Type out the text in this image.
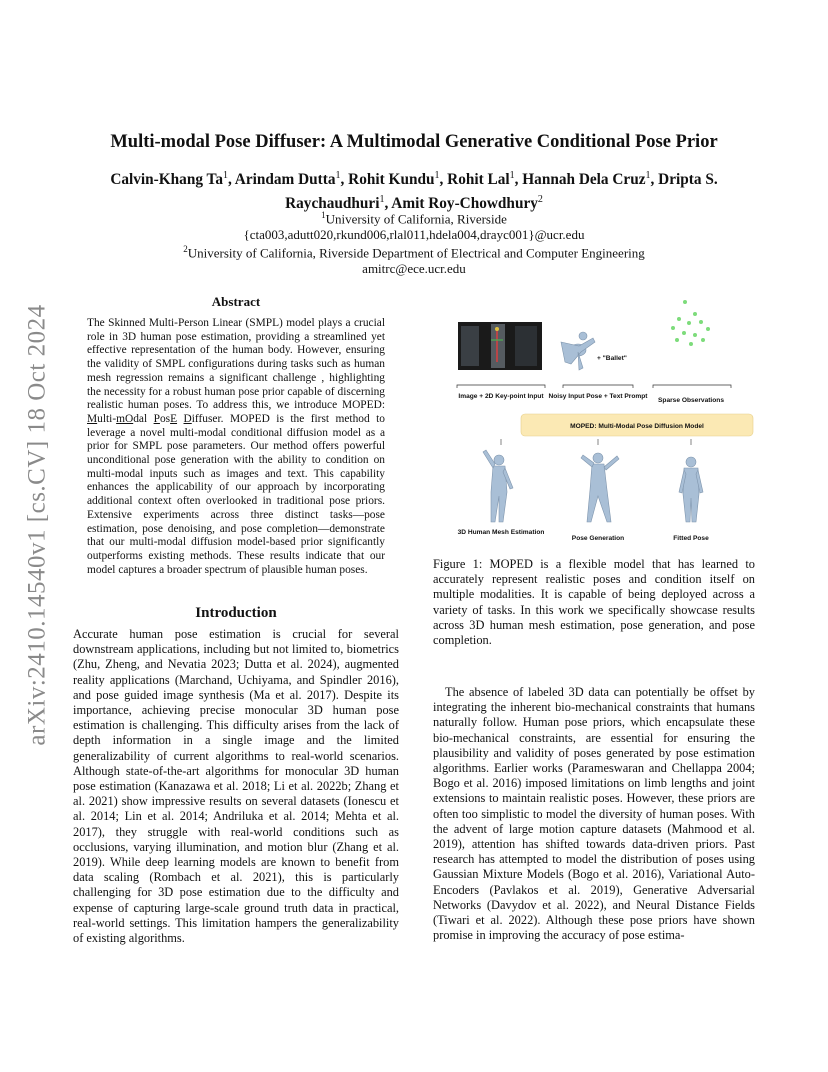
arXiv:2410.14540v1 [cs.CV] 18 Oct 2024
Multi-modal Pose Diffuser: A Multimodal Generative Conditional Pose Prior
Calvin-Khang Ta$^1$, Arindam Dutta$^1$, Rohit Kundu$^1$, Rohit Lal$^1$, Hannah Dela Cruz$^1$, Dripta S. Raychaudhuri$^1$, Amit Roy-Chowdhury$^2$
$^1$University of California, Riverside
{cta003,adutt020,rkund006,rlal011,hdela004,drayc001}@ucr.edu
$^2$University of California, Riverside Department of Electrical and Computer Engineering
amitrc@ece.ucr.edu
Abstract

The Skinned Multi-Person Linear (SMPL) model plays a crucial role in 3D human pose estimation, providing a streamlined yet effective representation of the human body. However, ensuring the validity of SMPL configurations during tasks such as human mesh regression remains a significant challenge , highlighting the necessity for a robust human pose prior capable of discerning realistic human poses. To address this, we introduce MOPED: Multi-mOdal PosE Diffuser. MOPED is the first method to leverage a novel multi-modal conditional diffusion model as a prior for SMPL pose parameters. Our method offers powerful unconditional pose generation with the ability to condition on multi-modal inputs such as images and text. This capability enhances the applicability of our approach by incorporating additional context often overlooked in traditional pose priors. Extensive experiments across three distinct tasks—pose estimation, pose denoising, and pose completion—demonstrate that our multi-modal diffusion model-based prior significantly outperforms existing methods. These results indicate that our model captures a broader spectrum of plausible human poses.

Introduction

Accurate human pose estimation is crucial for several downstream applications, including but not limited to, biometrics (Zhu, Zheng, and Nevatia 2023; Dutta et al. 2024), augmented reality applications (Marchand, Uchiyama, and Spindler 2016), and pose guided image synthesis (Ma et al. 2017). Despite its importance, achieving precise monocular 3D human pose estimation is challenging. This difficulty arises from the lack of depth information in a single image and the limited generalizability of current algorithms to real-world scenarios. Although state-of-the-art algorithms for monocular 3D human pose estimation (Kanazawa et al. 2018; Li et al. 2022b; Zhang et al. 2021) show impressive results on several datasets (Ionescu et al. 2014; Lin et al. 2014; Andriluka et al. 2014; Mehta et al. 2017), they struggle with real-world conditions such as occlusions, varying illumination, and motion blur (Zhang et al. 2019). While deep learning models are known to benefit from data scaling (Rombach et al. 2021), this is particularly challenging for 3D pose estimation due to the difficulty and expense of capturing large-scale ground truth data in practical, real-world settings. This limitation hampers the generalizability of existing algorithms.

+ "Ballet"
Image + 2D Key-point Input Noisy Input Pose + Text Prompt
Sparse Observations
MOPED: Multi-Modal Pose Diffusion Model
3D Human Mesh Estimation
Pose Generation	Fitted Pose

Figure 1: MOPED is a flexible model that has learned to accurately represent realistic poses and condition itself on multiple modalities. It is capable of being deployed across a variety of tasks. In this work we specifically showcase results across 3D human mesh estimation, pose generation, and pose completion.

The absence of labeled 3D data can potentially be offset by integrating the inherent bio-mechanical constraints that humans naturally follow. Human pose priors, which encapsulate these bio-mechanical constraints, are essential for ensuring the plausibility and validity of poses generated by pose estimation algorithms. Earlier works (Parameswaran and Chellappa 2004; Bogo et al. 2016) imposed limitations on limb lengths and joint extensions to maintain realistic poses. However, these priors are often too simplistic to model the diversity of human poses. With the advent of large motion capture datasets (Mahmood et al. 2019), attention has shifted towards data-driven priors. Past research has attempted to model the distribution of poses using Gaussian Mixture Models (Bogo et al. 2016), Variational Auto-Encoders (Pavlakos et al. 2019), Generative Adversarial Networks (Davydov et al. 2022), and Neural Distance Fields (Tiwari et al. 2022). Although these pose priors have shown promise in improving the accuracy of pose estima-
